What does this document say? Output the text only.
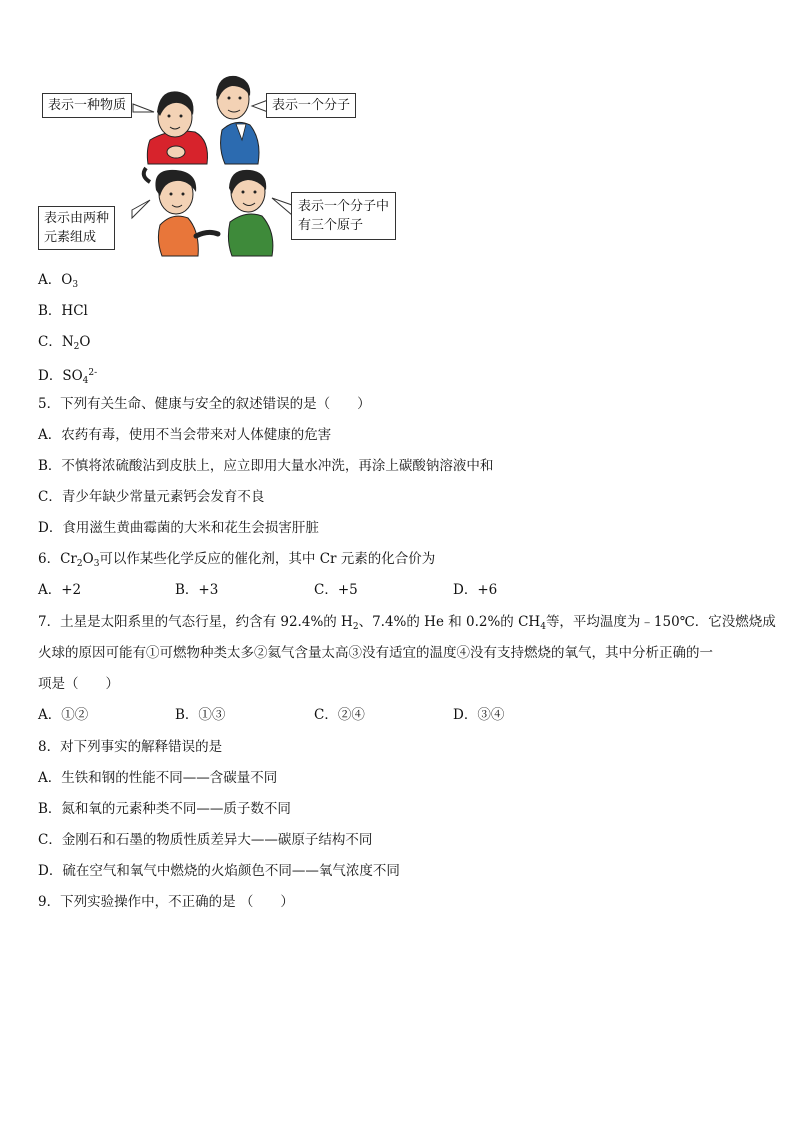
表示一种物质	表示一个分子
表示由两种
元素组成
表示一个分子中
有三个原子
A．$O_3$
B．HCl
C．$N_2O$
D．$SO_4^{2-}$
5．下列有关生命、健康与安全的叙述错误的是（　　）
A．农药有毒，使用不当会带来对人体健康的危害
B．不慎将浓硫酸沾到皮肤上，应立即用大量水冲洗，再涂上碳酸钠溶液中和
C．青少年缺少常量元素钙会发育不良
D．食用滋生黄曲霉菌的大米和花生会损害肝脏
6．$Cr_2O_3$可以作某些化学反应的催化剂，其中 Cr 元素的化合价为
A．+2	B．+3	C．+5	D．+6
7．土星是太阳系里的气态行星，约含有 92.4%的 $H_2$、7.4%的 He 和 0.2%的 $CH_4$等，平均温度为﹣150℃．它没燃烧成
火球的原因可能有①可燃物种类太多②氦气含量太高③没有适宜的温度④没有支持燃烧的氧气，其中分析正确的一
项是（　　）
A．①②	B．①③	C．②④	D．③④
8．对下列事实的解释错误的是
A．生铁和钢的性能不同——含碳量不同
B．氮和氧的元素种类不同——质子数不同
C．金刚石和石墨的物质性质差异大——碳原子结构不同
D．硫在空气和氧气中燃烧的火焰颜色不同——氧气浓度不同
9．下列实验操作中，不正确的是 （　　）
